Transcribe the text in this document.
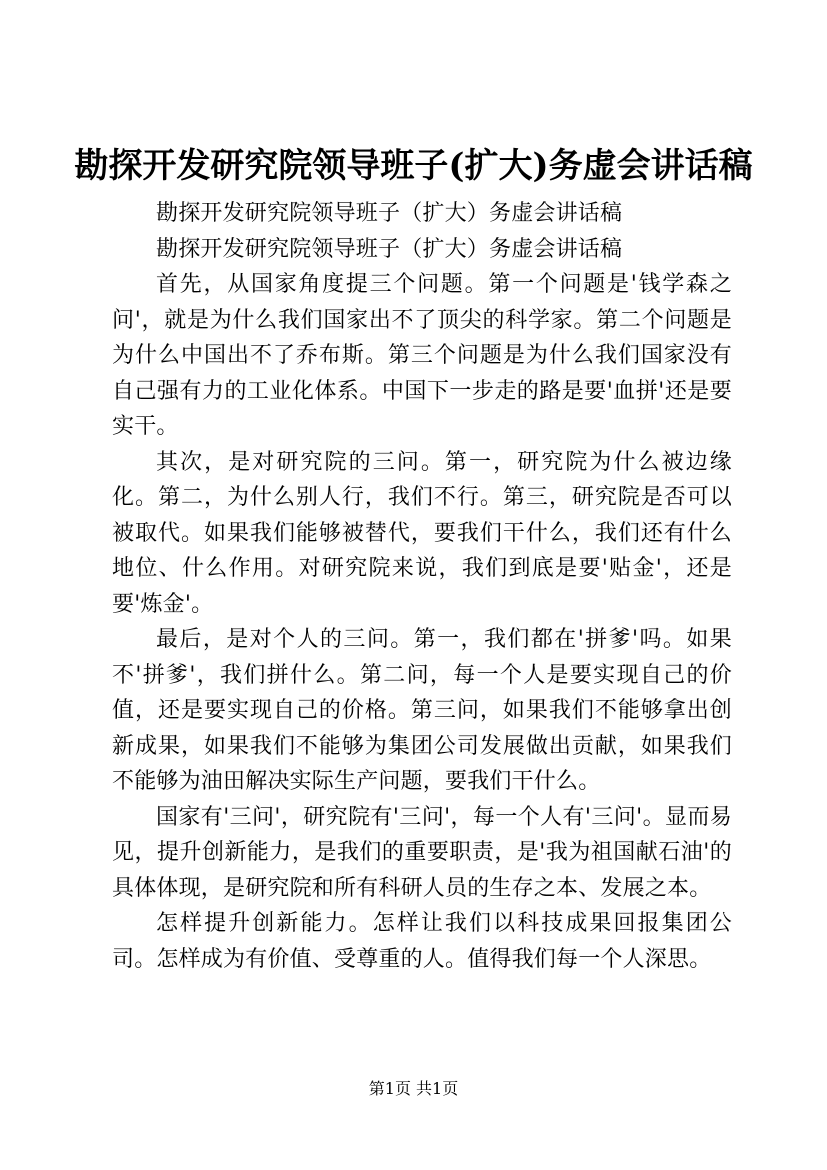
勘探开发研究院领导班子(扩大)务虚会讲话稿

勘探开发研究院领导班子（扩大）务虚会讲话稿

勘探开发研究院领导班子（扩大）务虚会讲话稿

首先，从国家角度提三个问题。第一个问题是'钱学森之问'，就是为什么我们国家出不了顶尖的科学家。第二个问题是为什么中国出不了乔布斯。第三个问题是为什么我们国家没有自己强有力的工业化体系。中国下一步走的路是要'血拼'还是要实干。

其次，是对研究院的三问。第一，研究院为什么被边缘化。第二，为什么别人行，我们不行。第三，研究院是否可以被取代。如果我们能够被替代，要我们干什么，我们还有什么地位、什么作用。对研究院来说，我们到底是要'贴金'，还是要'炼金'。

最后，是对个人的三问。第一，我们都在'拼爹'吗。如果不'拼爹'，我们拼什么。第二问，每一个人是要实现自己的价值，还是要实现自己的价格。第三问，如果我们不能够拿出创新成果，如果我们不能够为集团公司发展做出贡献，如果我们不能够为油田解决实际生产问题，要我们干什么。

国家有'三问'，研究院有'三问'，每一个人有'三问'。显而易见，提升创新能力，是我们的重要职责，是'我为祖国献石油'的具体体现，是研究院和所有科研人员的生存之本、发展之本。

怎样提升创新能力。怎样让我们以科技成果回报集团公司。怎样成为有价值、受尊重的人。值得我们每一个人深思。

第1页 共1页
